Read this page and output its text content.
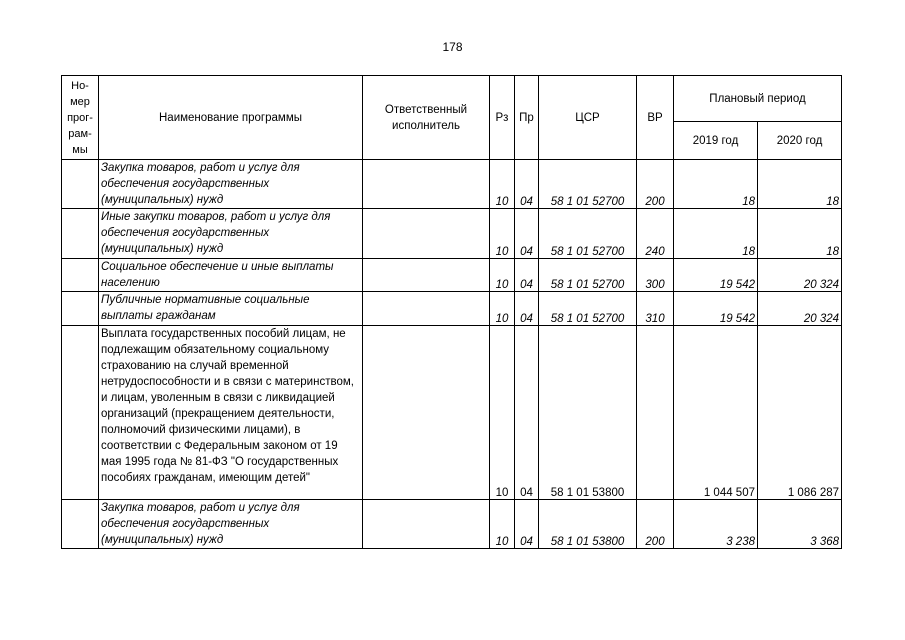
178
Но-
мер
прог-
рам-
мы	Наименование программы	Ответственный исполнитель	Рз	Пр	ЦСР	ВР	Плановый период	
							2019 год	2020 год
	Закупка товаров, работ и услуг для обеспечения государственных (муниципальных) нужд		10	04	58 1 01 52700	200	18	18
	Иные закупки товаров, работ и услуг для обеспечения государственных (муниципальных) нужд		10	04	58 1 01 52700	240	18	18
	Социальное обеспечение и иные выплаты населению		10	04	58 1 01 52700	300	19 542	20 324
	Публичные нормативные социальные выплаты гражданам		10	04	58 1 01 52700	310	19 542	20 324
	Выплата государственных пособий лицам, не подлежащим обязательному социальному страхованию на случай временной нетрудоспособности и в связи с материнством, и лицам, уволенным в связи с ликвидацией организаций (прекращением деятельности, полномочий физическими лицами), в соответствии с Федеральным законом от 19 мая 1995 года № 81-ФЗ "О государственных пособиях гражданам, имеющим детей"		10	04	58 1 01 53800		1 044 507	1 086 287
	Закупка товаров, работ и услуг для обеспечения государственных (муниципальных) нужд		10	04	58 1 01 53800	200	3 238	3 368
